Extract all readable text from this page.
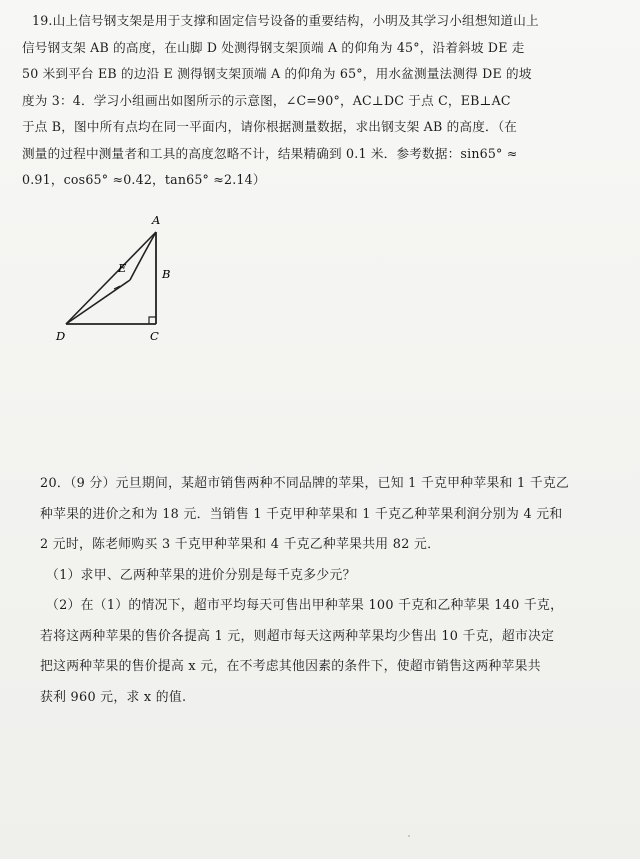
19.山上信号钢支架是用于支撑和固定信号设备的重要结构，小明及其学习小组想知道山上
信号钢支架 AB 的高度，在山脚 D 处测得钢支架顶端 A 的仰角为 45°，沿着斜坡 DE 走
50 米到平台 EB 的边沿 E 测得钢支架顶端 A 的仰角为 65°，用水盆测量法测得 DE 的坡
度为 3：4．学习小组画出如图所示的示意图，∠C=90°，AC⊥DC 于点 C，EB⊥AC
于点 B，图中所有点均在同一平面内，请你根据测量数据，求出钢支架 AB 的高度．（在
测量的过程中测量者和工具的高度忽略不计，结果精确到 0.1 米．参考数据：sin65° ≈
0.91，cos65° ≈0.42，tan65° ≈2.14）
A
B
C
D
E
20．（9 分）元旦期间，某超市销售两种不同品牌的苹果，已知 1 千克甲种苹果和 1 千克乙
种苹果的进价之和为 18 元．当销售 1 千克甲种苹果和 1 千克乙种苹果利润分别为 4 元和
2 元时，陈老师购买 3 千克甲种苹果和 4 千克乙种苹果共用 82 元．
（1）求甲、乙两种苹果的进价分别是每千克多少元？
（2）在（1）的情况下，超市平均每天可售出甲种苹果 100 千克和乙种苹果 140 千克，
若将这两种苹果的售价各提高 1 元，则超市每天这两种苹果均少售出 10 千克，超市决定
把这两种苹果的售价提高 x 元，在不考虑其他因素的条件下，使超市销售这两种苹果共
获利 960 元，求 x 的值.
